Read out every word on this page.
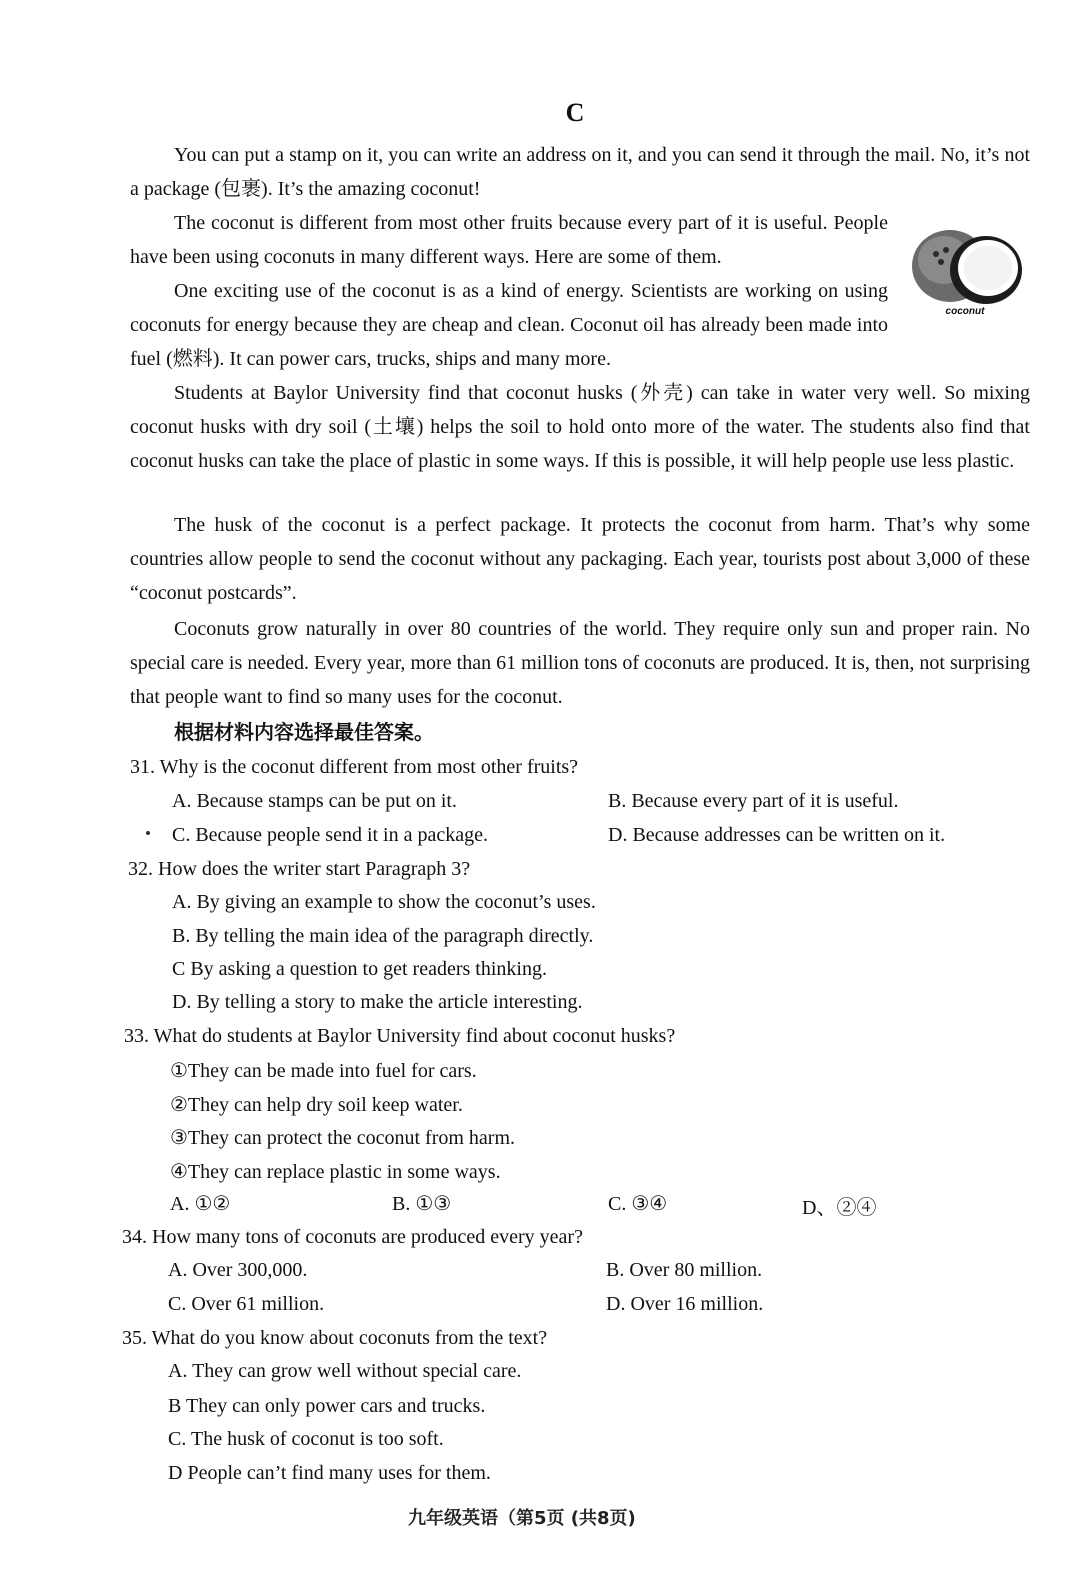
C

You can put a stamp on it, you can write an address on it, and you can send it through the mail. No, it’s not a package (包裹). It’s the amazing coconut!

The coconut is different from most other fruits because every part of it is useful. People have been using coconuts in many different ways. Here are some of them.

One exciting use of the coconut is as a kind of energy. Scientists are working on using coconuts for energy because they are cheap and clean. Coconut oil has already been made into fuel (燃料). It can power cars, trucks, ships and many more.

coconut

Students at Baylor University find that coconut husks (外壳) can take in water very well. So mixing coconut husks with dry soil (土壤) helps the soil to hold onto more of the water. The students also find that coconut husks can take the place of plastic in some ways. If this is possible, it will help people use less plastic.

The husk of the coconut is a perfect package. It protects the coconut from harm. That’s why some countries allow people to send the coconut without any packaging. Each year, tourists post about 3,000 of these “coconut postcards”.

Coconuts grow naturally in over 80 countries of the world. They require only sun and proper rain. No special care is needed. Every year, more than 61 million tons of coconuts are produced. It is, then, not surprising that people want to find so many uses for the coconut.

根据材料内容选择最佳答案。
31. Why is the coconut different from most other fruits?
A. Because stamps can be put on it.	B. Because every part of it is useful.
C. Because people send it in a package.	D. Because addresses can be written on it.
32. How does the writer start Paragraph 3?
A. By giving an example to show the coconut’s uses.
B. By telling the main idea of the paragraph directly.
C By asking a question to get readers thinking.
D. By telling a story to make the article interesting.
33. What do students at Baylor University find about coconut husks?
①They can be made into fuel for cars.
②They can help dry soil keep water.
③They can protect the coconut from harm.
④They can replace plastic in some ways.
A. ①②	B. ①③	C. ③④	D、②④
34. How many tons of coconuts are produced every year?
A. Over 300,000.	B. Over 80 million.
C. Over 61 million.	D. Over 16 million.
35. What do you know about coconuts from the text?
A. They can grow well without special care.
B They can only power cars and trucks.
C. The husk of coconut is too soft.
D People can’t find many uses for them.
九年级英语（第5页 (共8页)
